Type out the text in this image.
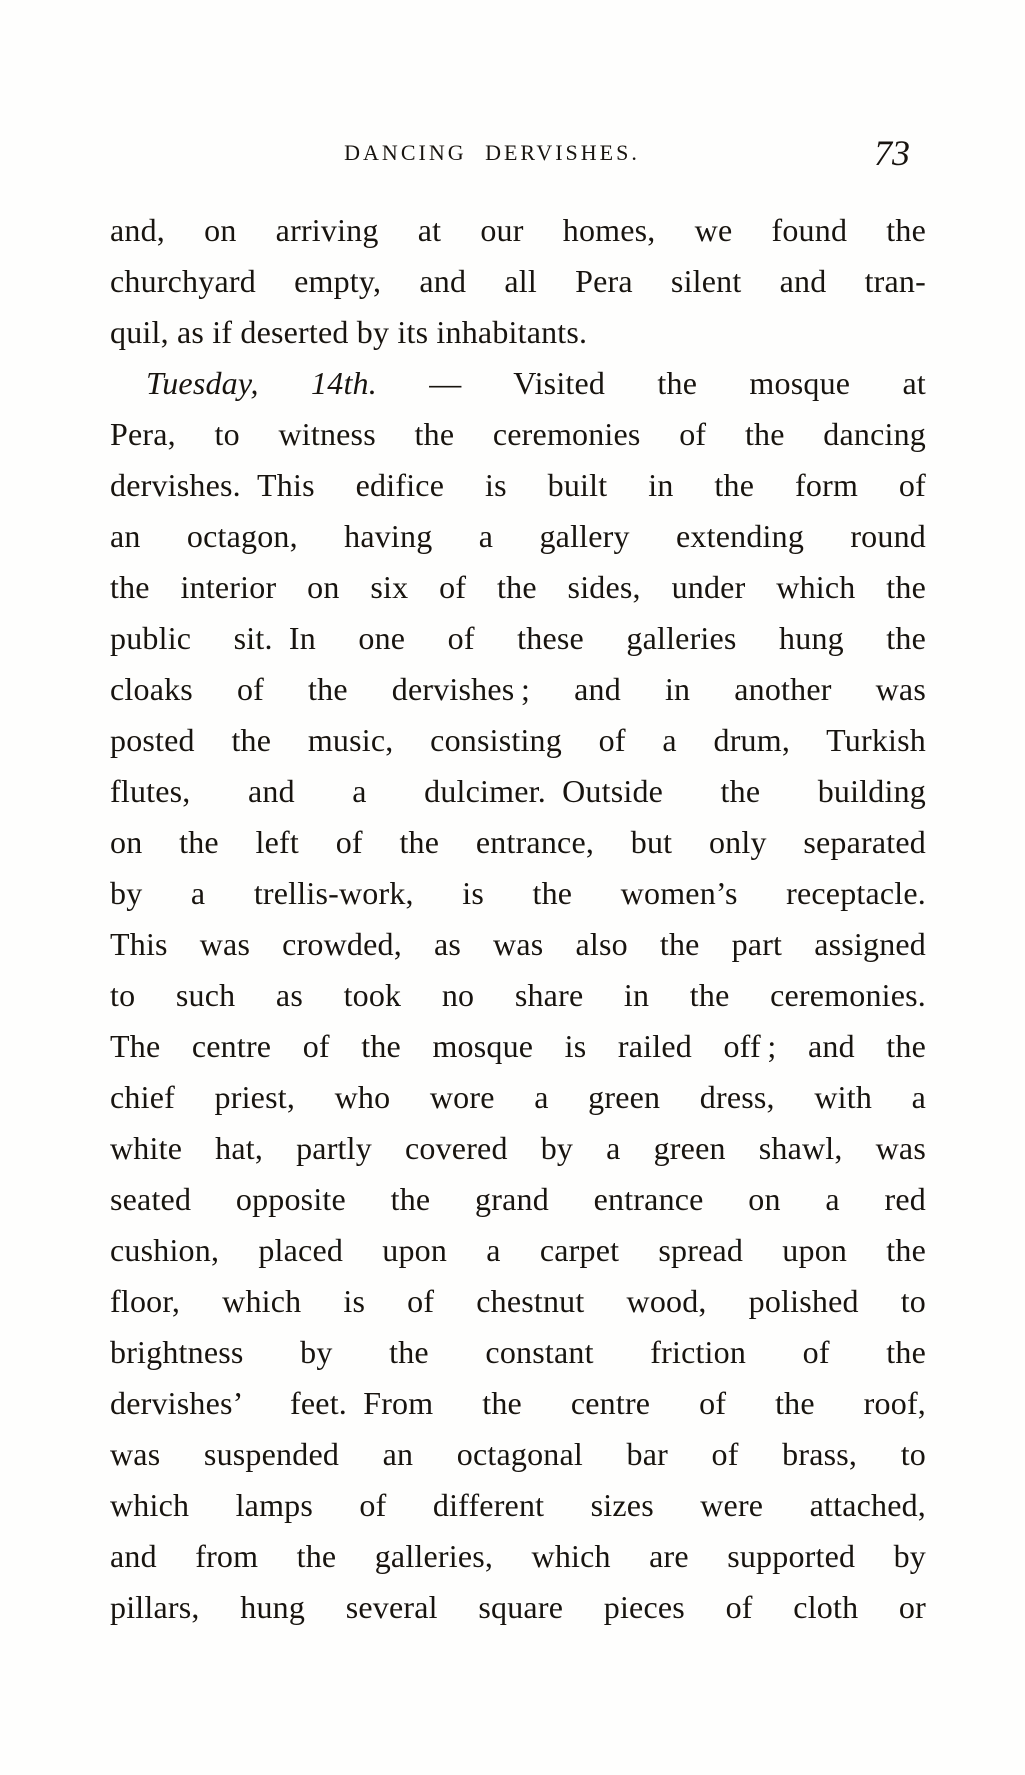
DANCING DERVISHES.	73
and, on arriving at our homes, we found the
churchyard empty, and all Pera silent and tran-
quil, as if deserted by its inhabitants.
Tuesday, 14th. — Visited the mosque at
Pera, to witness the ceremonies of the dancing
dervishes. This edifice is built in the form of
an octagon, having a gallery extending round
the interior on six of the sides, under which the
public sit. In one of these galleries hung the
cloaks of the dervishes ; and in another was
posted the music, consisting of a drum, Turkish
flutes, and a dulcimer. Outside the building
on the left of the entrance, but only separated
by a trellis-work, is the women’s receptacle.
This was crowded, as was also the part assigned
to such as took no share in the ceremonies.
The centre of the mosque is railed off ; and the
chief priest, who wore a green dress, with a
white hat, partly covered by a green shawl, was
seated opposite the grand entrance on a red
cushion, placed upon a carpet spread upon the
floor, which is of chestnut wood, polished to
brightness by the constant friction of the
dervishes’ feet. From the centre of the roof,
was suspended an octagonal bar of brass, to
which lamps of different sizes were attached,
and from the galleries, which are supported by
pillars, hung several square pieces of cloth or
